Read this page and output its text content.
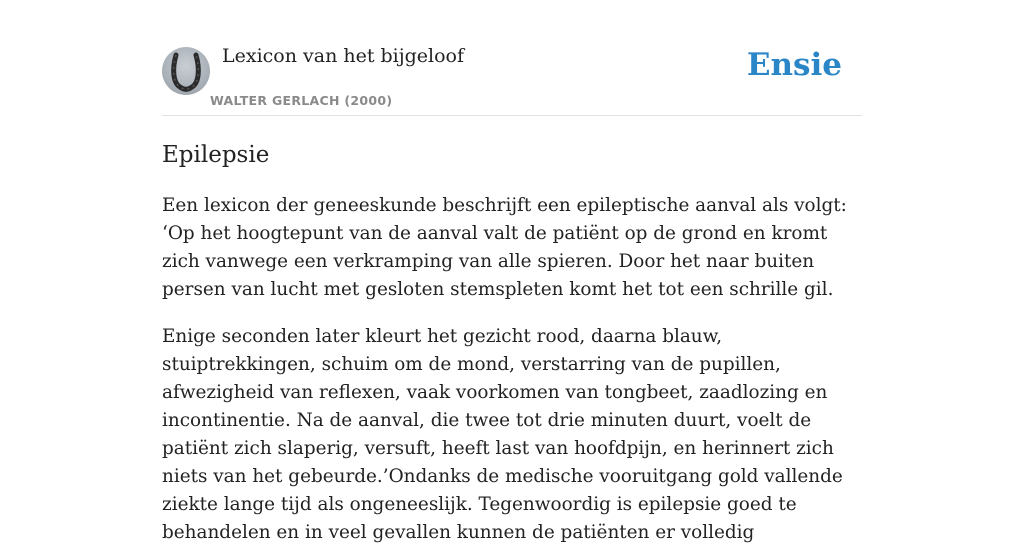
Lexicon van het bijgeloof
WALTER GERLACH (2000)
Ensie
Epilepsie

Een lexicon der geneeskunde beschrijft een epileptische aanval als volgt: ‘Op het hoogtepunt van de aanval valt de patiënt op de grond en kromt zich vanwege een verkramping van alle spieren. Door het naar buiten persen van lucht met gesloten stemspleten komt het tot een schrille gil.

Enige seconden later kleurt het gezicht rood, daarna blauw, stuiptrekkingen, schuim om de mond, verstarring van de pupillen, afwezigheid van reflexen, vaak voorkomen van tongbeet, zaadlozing en incontinentie. Na de aanval, die twee tot drie minuten duurt, voelt de patiënt zich slaperig, versuft, heeft last van hoofdpijn, en herinnert zich niets van het gebeurde.’Ondanks de medische vooruitgang gold vallende ziekte lange tijd als ongeneeslijk. Tegenwoordig is epilepsie goed te behandelen en in veel gevallen kunnen de patiënten er volledig
